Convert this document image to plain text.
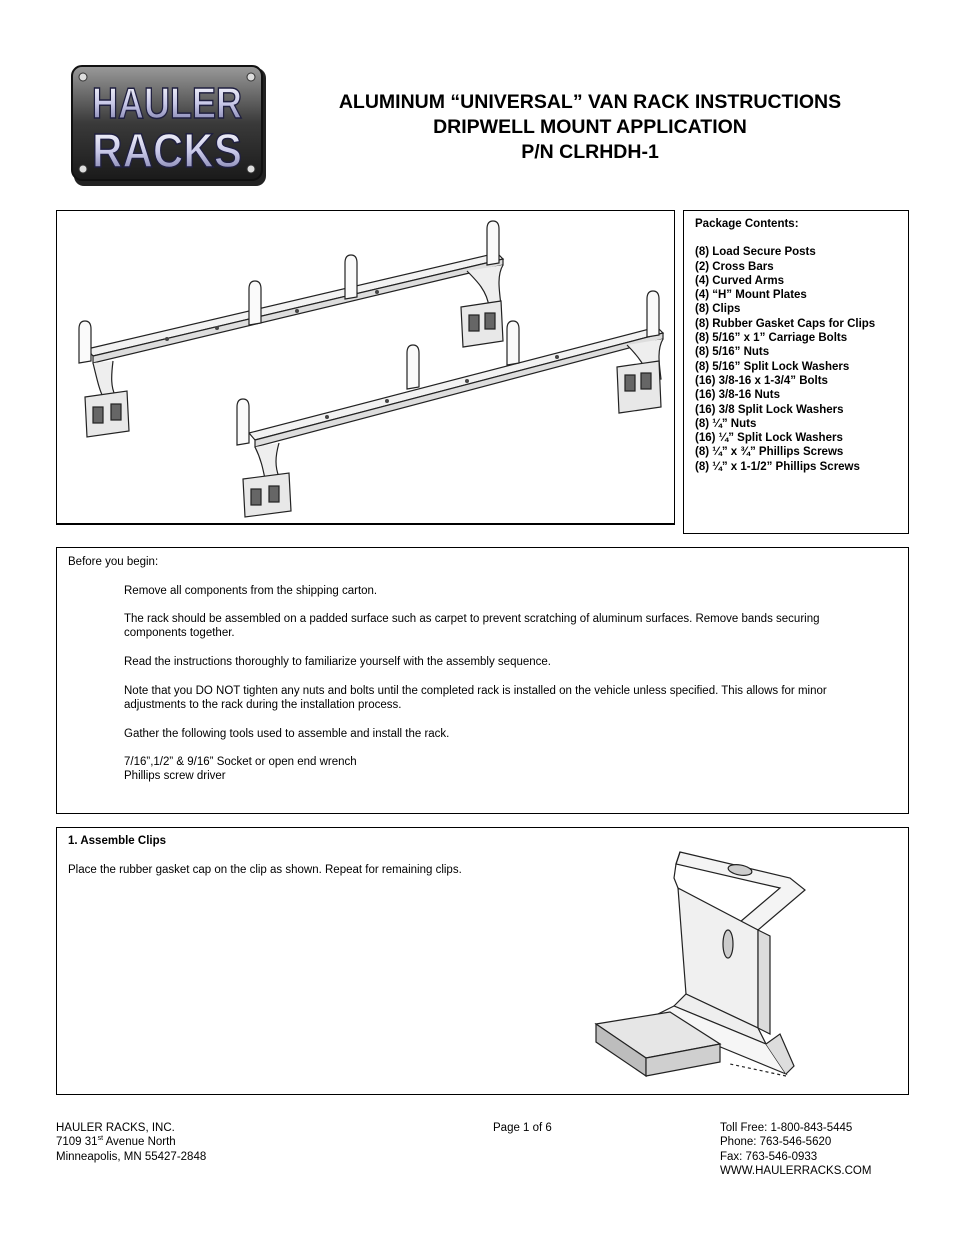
HAULER
RACKS
ALUMINUM “UNIVERSAL” VAN RACK INSTRUCTIONS
DRIPWELL MOUNT APPLICATION
P/N CLRHDH-1
Package Contents:
(8) Load Secure Posts
(2) Cross Bars
(4) Curved Arms
(4) “H” Mount Plates
(8) Clips
(8) Rubber Gasket Caps for Clips
(8) 5/16” x 1” Carriage Bolts
(8) 5/16” Nuts
(8) 5/16” Split Lock Washers
(16) 3/8-16 x 1-3/4” Bolts
(16) 3/8-16 Nuts
(16) 3/8 Split Lock Washers
(8) ¼” Nuts
(16) ¼” Split Lock Washers
(8) ¼” x ¾” Phillips Screws
(8) ¼” x 1-1/2” Phillips Screws

Before you begin:

Remove all components from the shipping carton.

The rack should be assembled on a padded surface such as carpet to prevent scratching of aluminum surfaces. Remove bands securing components together.

Read the instructions thoroughly to familiarize yourself with the assembly sequence.

Note that you DO NOT tighten any nuts and bolts until the completed rack is installed on the vehicle unless specified. This allows for minor adjustments to the rack during the installation process.

Gather the following tools used to assemble and install the rack.

7/16”,1/2” & 9/16” Socket or open end wrench
Phillips screw driver

1. Assemble Clips
Place the rubber gasket cap on the clip as shown. Repeat for remaining clips.
HAULER RACKS, INC.
7109 31st Avenue North
Minneapolis, MN 55427-2848
Page 1 of 6	Toll Free: 1-800-843-5445
Phone: 763-546-5620
Fax: 763-546-0933
WWW.HAULERRACKS.COM
